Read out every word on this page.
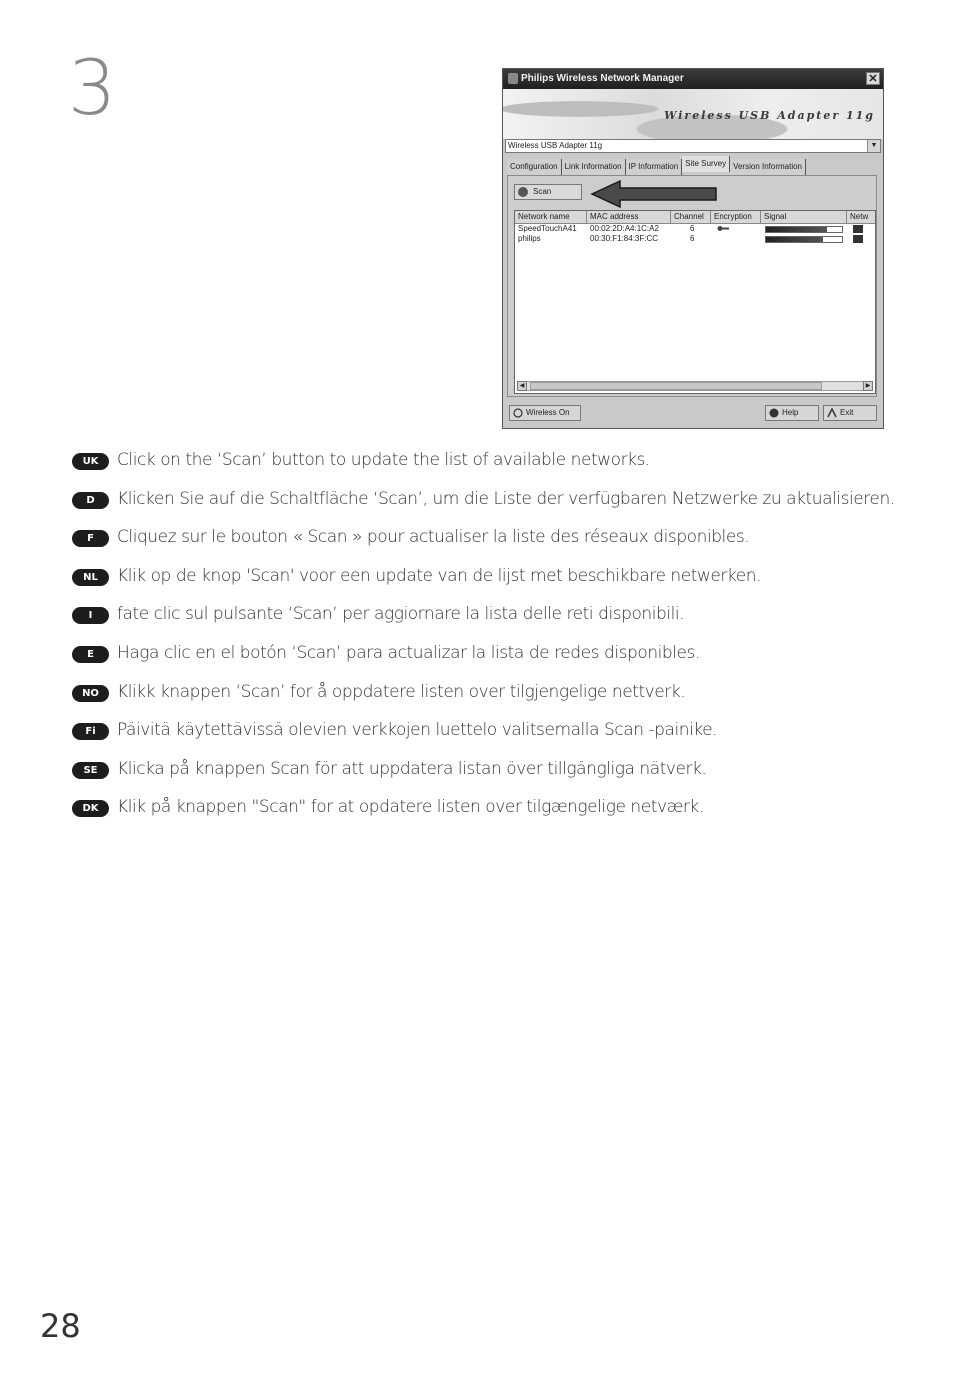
3	Philips Wireless Network Manager	✕
Wireless USB Adapter 11g
Wireless USB Adapter 11g	▼
Configuration Link Information IP Information Site Survey Version Information
Scan
Network name	MAC address	Channel	Encryption	Signal	Netw
SpeedTouchA41	00:02:2D:A4:1C:A2	6
philips	00:30:F1:84:3F:CC	6
◀	▶
Wireless On	Help	Exit
UK	Click on the ‘Scan’ button to update the list of available networks.
D	Klicken Sie auf die Schaltfläche ‘Scan’, um die Liste der verfügbaren Netzwerke zu aktualisieren.
F	Cliquez sur le bouton « Scan » pour actualiser la liste des réseaux disponibles.
NL	Klik op de knop 'Scan' voor een update van de lijst met beschikbare netwerken.
I	fate clic sul pulsante ‘Scan’ per aggiornare la lista delle reti disponibili.
E	Haga clic en el botón ‘Scan’ para actualizar la lista de redes disponibles.
NO	Klikk knappen ‘Scan’ for å oppdatere listen over tilgjengelige nettverk.
Fi	Päivitä käytettävissä olevien verkkojen luettelo valitsemalla Scan -painike.
SE	Klicka på knappen Scan för att uppdatera listan över tillgängliga nätverk.
DK	Klik på knappen "Scan" for at opdatere listen over tilgængelige netværk.
28
